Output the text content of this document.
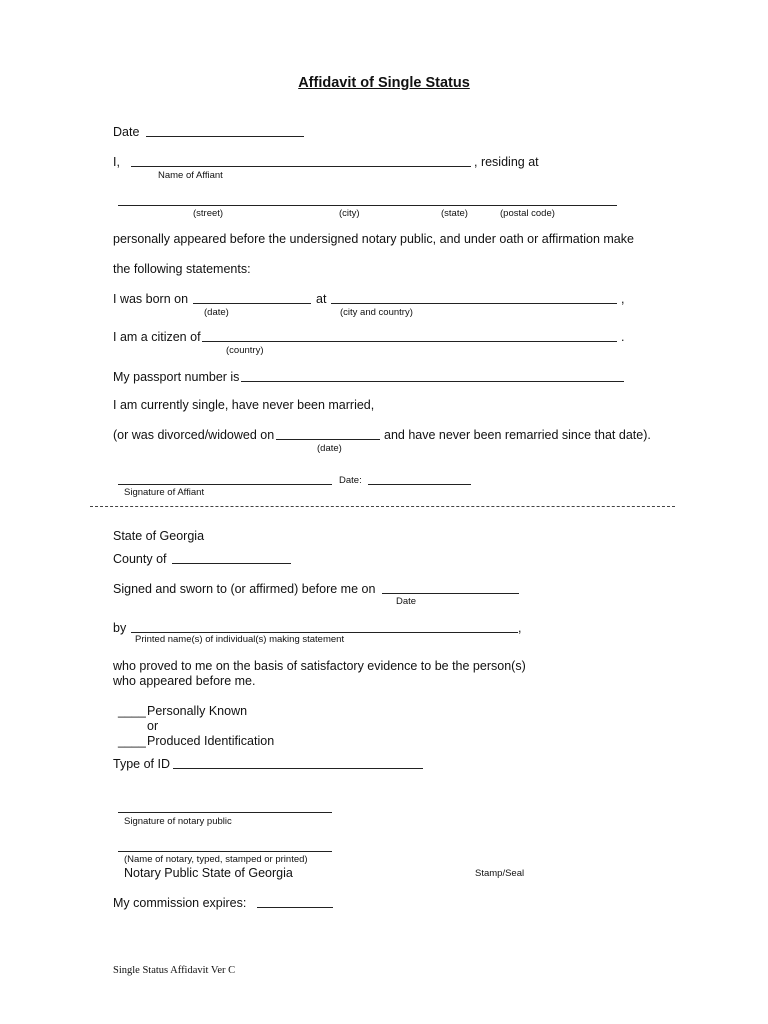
Affidavit of Single Status
Date
I,	, residing at
Name of Affiant
(street)	(city)	(state)	(postal code)
personally appeared before the undersigned notary public, and under oath or affirmation make
the following statements:
I was born on	at	,
(date)	(city and country)
I am a citizen of	.
(country)
My passport number is
I am currently single, have never been married,
(or was divorced/widowed on	and have never been remarried since that date).
(date)
Date:
Signature of Affiant
State of Georgia
County of
Signed and sworn to (or affirmed) before me on
Date
by	,
Printed name(s) of individual(s) making statement
who proved to me on the basis of satisfactory evidence to be the person(s)
who appeared before me.
____ Personally Known
or
____ Produced Identification
Type of ID
Signature of notary public
(Name of notary, typed, stamped or printed)
Notary Public State of Georgia	Stamp/Seal
My commission expires:
Single Status Affidavit Ver C
